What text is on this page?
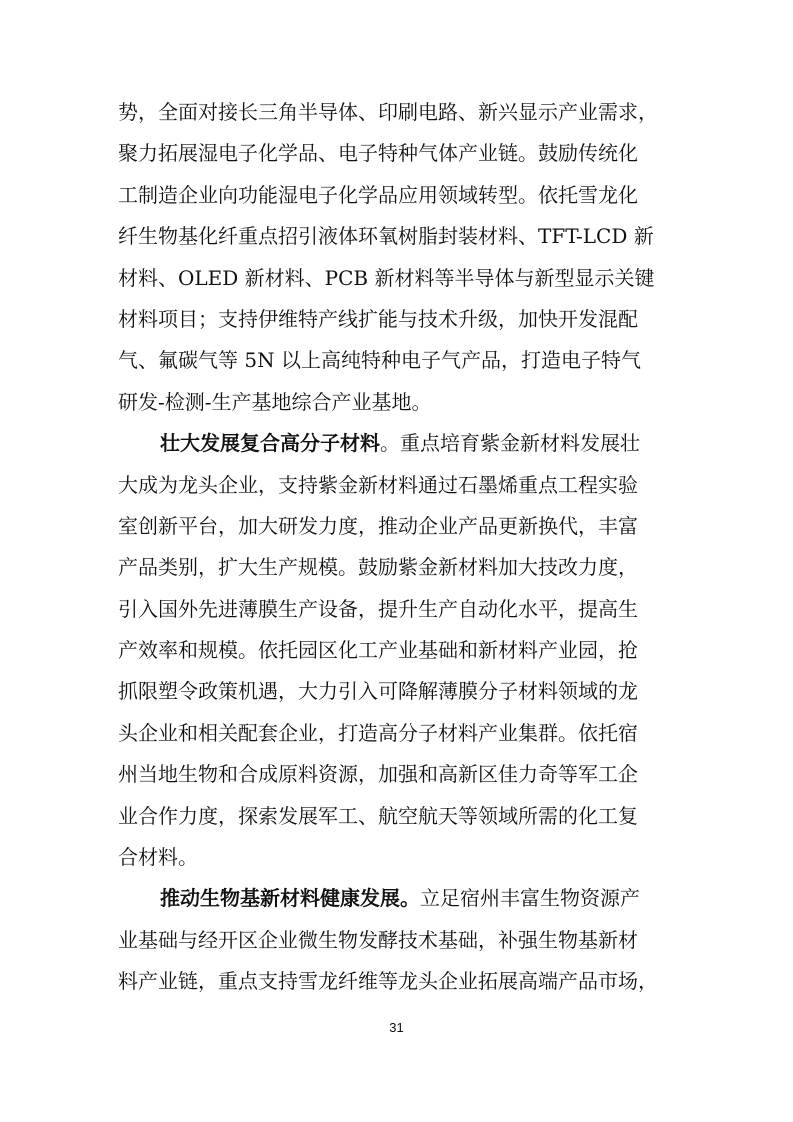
势，全面对接长三角半导体、印刷电路、新兴显示产业需求，
聚力拓展湿电子化学品、电子特种气体产业链。鼓励传统化
工制造企业向功能湿电子化学品应用领域转型。依托雪龙化
纤生物基化纤重点招引液体环氧树脂封装材料、TFT-LCD 新
材料、OLED 新材料、PCB 新材料等半导体与新型显示关键
材料项目；支持伊维特产线扩能与技术升级，加快开发混配
气、氟碳气等 5N 以上高纯特种电子气产品，打造电子特气
研发-检测-生产基地综合产业基地。
壮大发展复合高分子材料。重点培育紫金新材料发展壮
大成为龙头企业，支持紫金新材料通过石墨烯重点工程实验
室创新平台，加大研发力度，推动企业产品更新换代，丰富
产品类别，扩大生产规模。鼓励紫金新材料加大技改力度，
引入国外先进薄膜生产设备，提升生产自动化水平，提高生
产效率和规模。依托园区化工产业基础和新材料产业园，抢
抓限塑令政策机遇，大力引入可降解薄膜分子材料领域的龙
头企业和相关配套企业，打造高分子材料产业集群。依托宿
州当地生物和合成原料资源，加强和高新区佳力奇等军工企
业合作力度，探索发展军工、航空航天等领域所需的化工复
合材料。
推动生物基新材料健康发展。立足宿州丰富生物资源产
业基础与经开区企业微生物发酵技术基础，补强生物基新材
料产业链，重点支持雪龙纤维等龙头企业拓展高端产品市场，
31
